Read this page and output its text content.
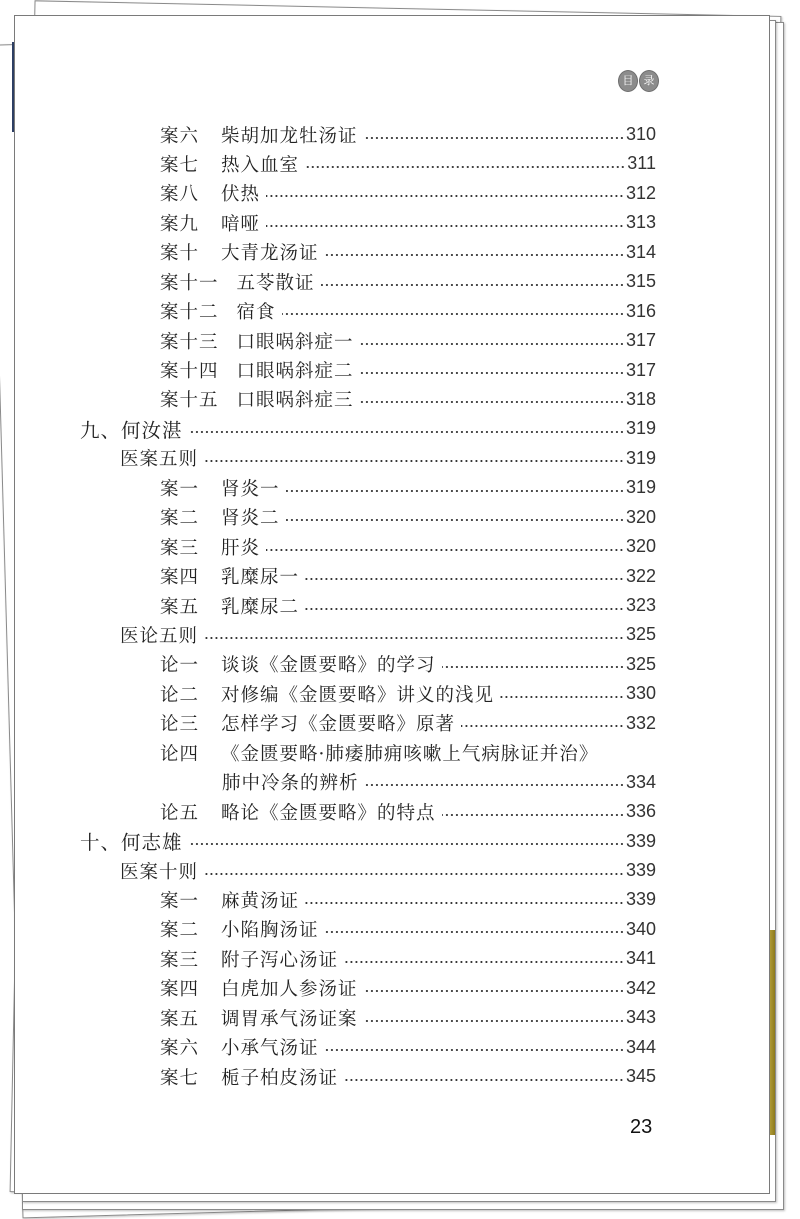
目 录
案六 柴胡加龙牡汤证	310
案七 热入血室	311
案八 伏热	312
案九 喑哑	313
案十 大青龙汤证	314
案十一 五苓散证	315
案十二 宿食	316
案十三 口眼㖞斜症一	317
案十四 口眼㖞斜症二	317
案十五 口眼㖞斜症三	318
九、何汝湛	319
医案五则	319
案一 肾炎一	319
案二 肾炎二	320
案三 肝炎	320
案四 乳糜尿一	322
案五 乳糜尿二	323
医论五则	325
论一 谈谈《金匮要略》的学习	325
论二 对修编《金匮要略》讲义的浅见	330
论三 怎样学习《金匮要略》原著	332
论四 《金匮要略·肺痿肺痈咳嗽上气病脉证并治》
肺中冷条的辨析	334
论五 略论《金匮要略》的特点	336
十、何志雄	339
医案十则	339
案一 麻黄汤证	339
案二 小陷胸汤证	340
案三 附子泻心汤证	341
案四 白虎加人参汤证	342
案五 调胃承气汤证案	343
案六 小承气汤证	344
案七 栀子柏皮汤证	345
23
